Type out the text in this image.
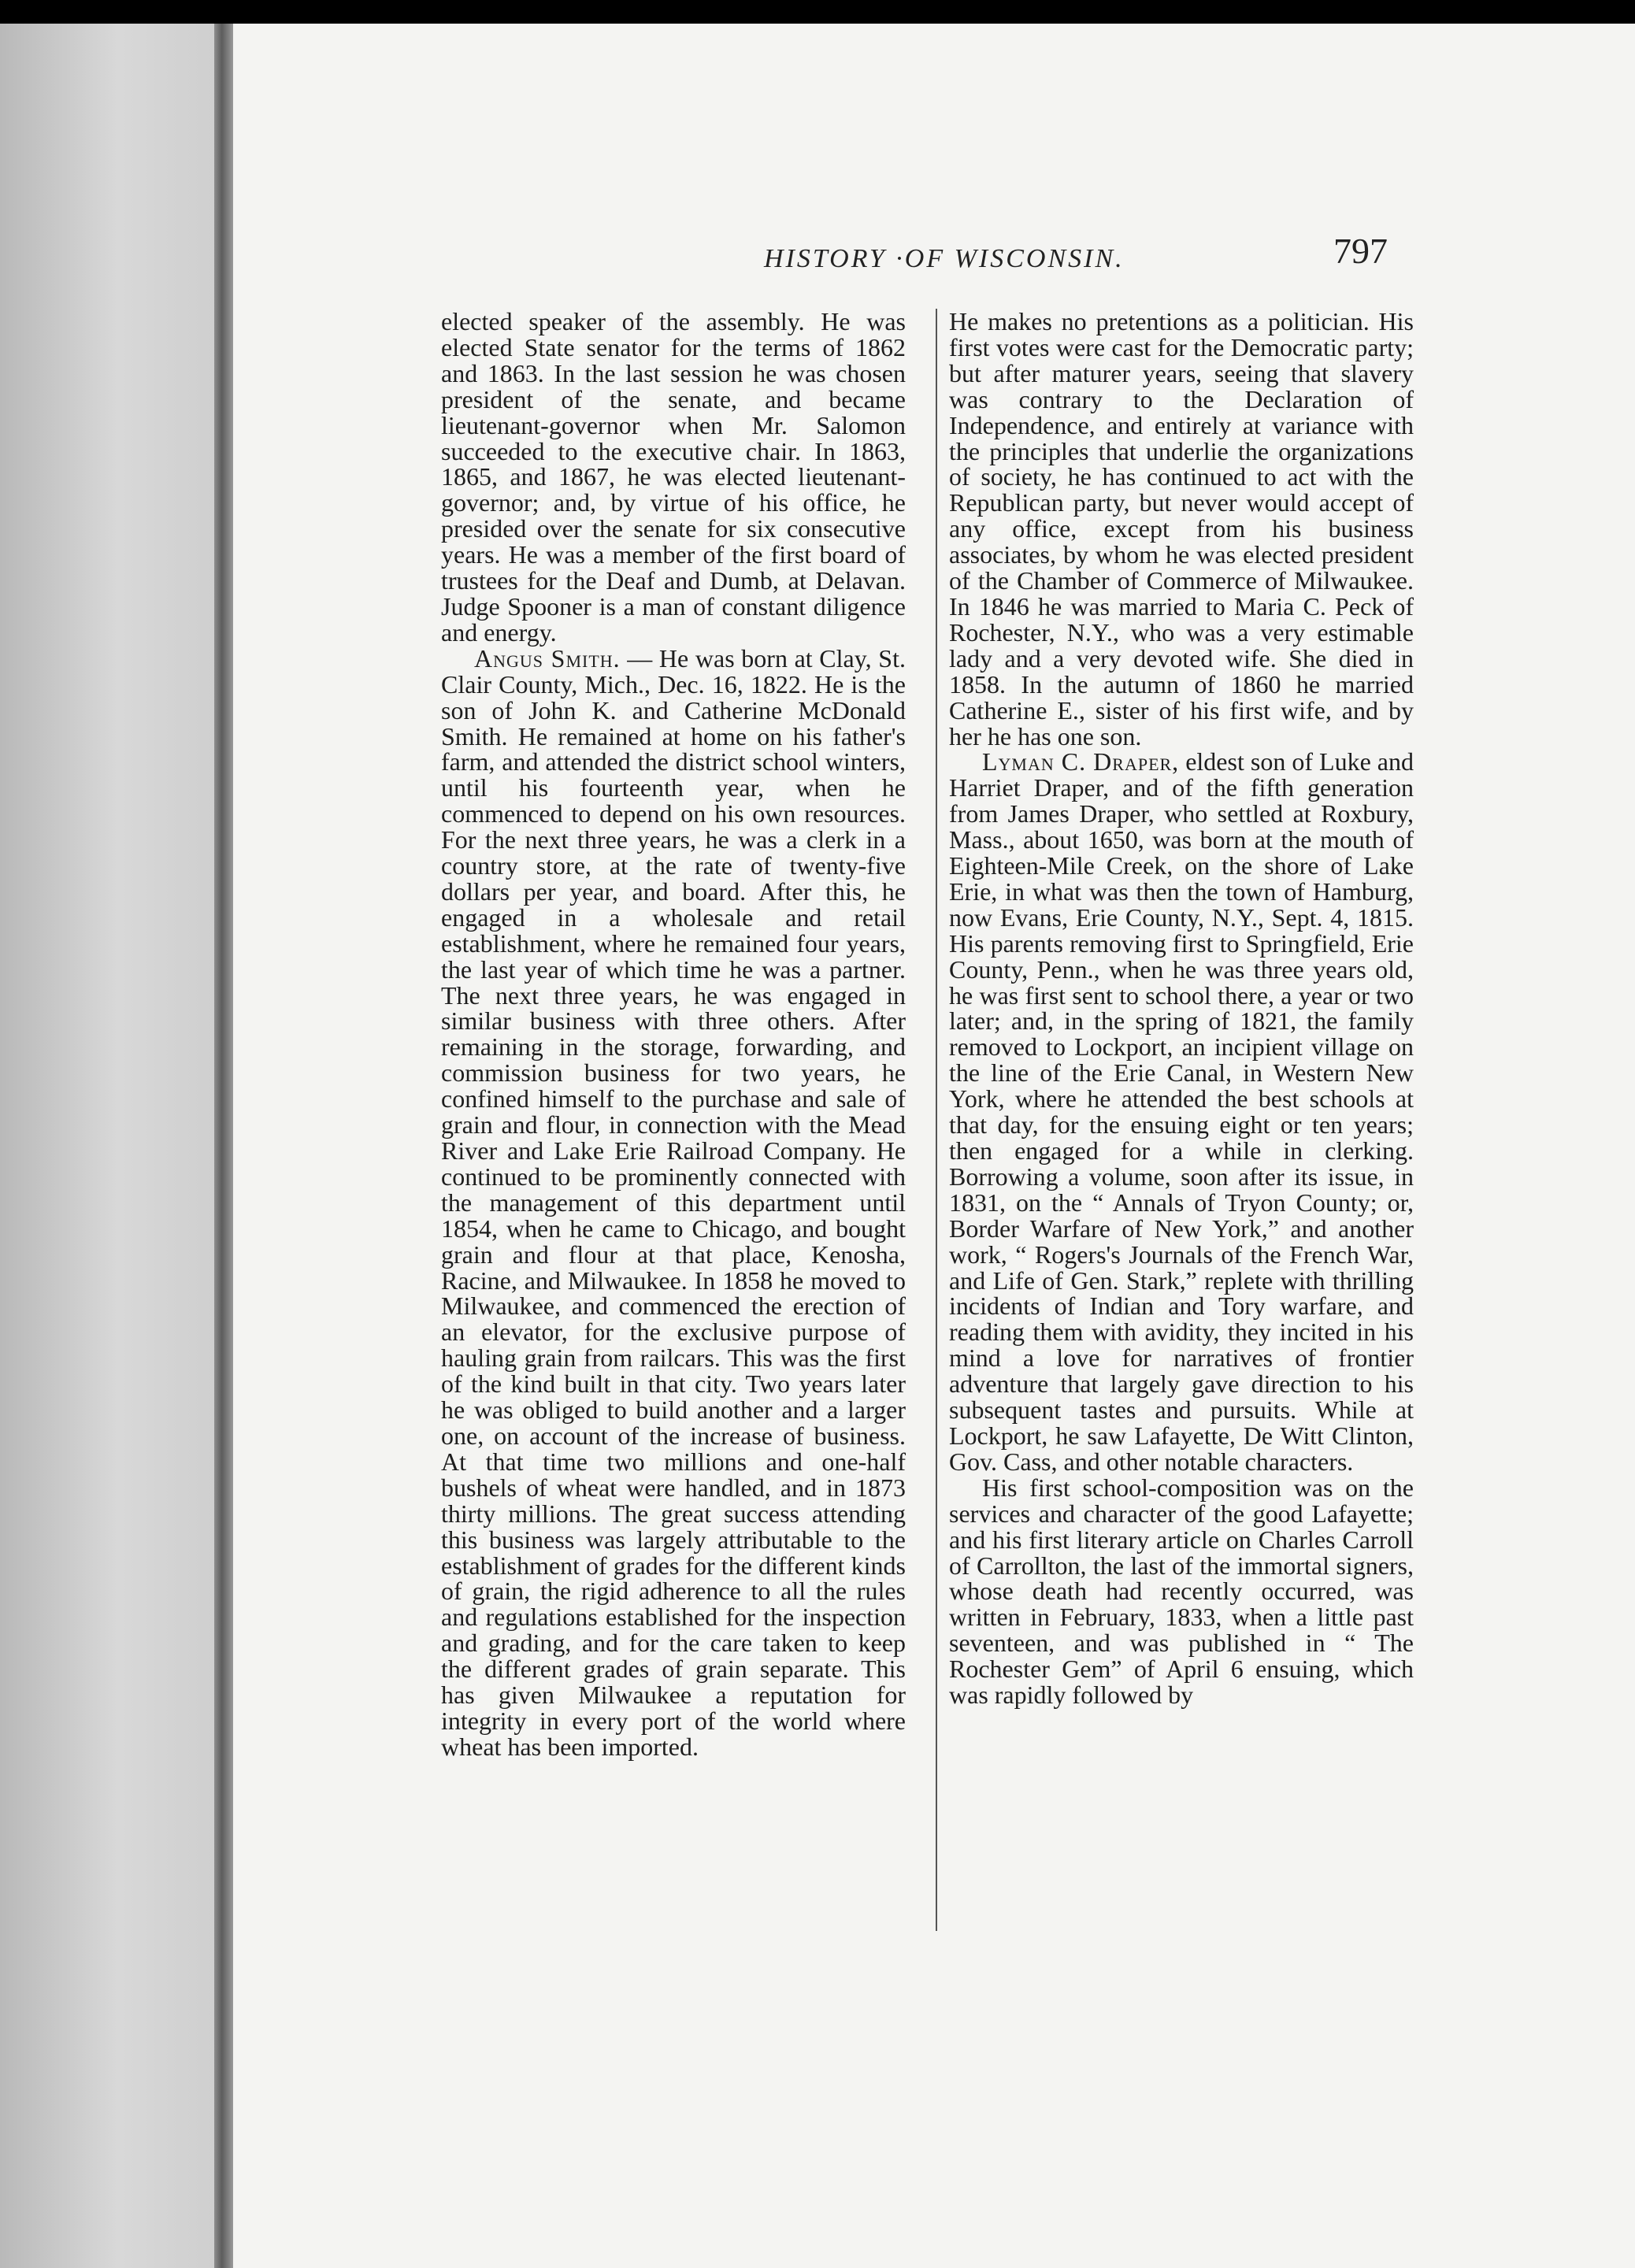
HISTORY ·OF WISCONSIN.	797

elected speaker of the assembly. He was elected State senator for the terms of 1862 and 1863. In the last session he was chosen president of the senate, and became lieutenant-governor when Mr. Salomon succeeded to the executive chair. In 1863, 1865, and 1867, he was elected lieutenant-governor; and, by virtue of his office, he presided over the senate for six consecutive years. He was a member of the first board of trustees for the Deaf and Dumb, at Delavan. Judge Spooner is a man of constant diligence and energy.

Angus Smith. — He was born at Clay, St. Clair County, Mich., Dec. 16, 1822. He is the son of John K. and Catherine McDonald Smith. He remained at home on his father's farm, and attended the district school winters, until his fourteenth year, when he commenced to depend on his own resources. For the next three years, he was a clerk in a country store, at the rate of twenty-five dollars per year, and board. After this, he engaged in a wholesale and retail establishment, where he remained four years, the last year of which time he was a partner. The next three years, he was engaged in similar business with three others. After remaining in the storage, forwarding, and commission business for two years, he confined himself to the purchase and sale of grain and flour, in connection with the Mead River and Lake Erie Railroad Company. He continued to be prominently connected with the management of this department until 1854, when he came to Chicago, and bought grain and flour at that place, Kenosha, Racine, and Milwaukee. In 1858 he moved to Milwaukee, and commenced the erection of an elevator, for the exclusive purpose of hauling grain from railcars. This was the first of the kind built in that city. Two years later he was obliged to build another and a larger one, on account of the increase of business. At that time two millions and one-half bushels of wheat were handled, and in 1873 thirty millions. The great success attending this business was largely attributable to the establishment of grades for the different kinds of grain, the rigid adherence to all the rules and regulations established for the inspection and grading, and for the care taken to keep the different grades of grain separate. This has given Milwaukee a reputation for integrity in every port of the world where wheat has been imported.

He makes no pretentions as a politician. His first votes were cast for the Democratic party; but after maturer years, seeing that slavery was contrary to the Declaration of Independence, and entirely at variance with the principles that underlie the organizations of society, he has continued to act with the Republican party, but never would accept of any office, except from his business associates, by whom he was elected president of the Chamber of Commerce of Milwaukee. In 1846 he was married to Maria C. Peck of Rochester, N.Y., who was a very estimable lady and a very devoted wife. She died in 1858. In the autumn of 1860 he married Catherine E., sister of his first wife, and by her he has one son.

Lyman C. Draper, eldest son of Luke and Harriet Draper, and of the fifth generation from James Draper, who settled at Roxbury, Mass., about 1650, was born at the mouth of Eighteen-Mile Creek, on the shore of Lake Erie, in what was then the town of Hamburg, now Evans, Erie County, N.Y., Sept. 4, 1815. His parents removing first to Springfield, Erie County, Penn., when he was three years old, he was first sent to school there, a year or two later; and, in the spring of 1821, the family removed to Lockport, an incipient village on the line of the Erie Canal, in Western New York, where he attended the best schools at that day, for the ensuing eight or ten years; then engaged for a while in clerking. Borrowing a volume, soon after its issue, in 1831, on the “ Annals of Tryon County; or, Border Warfare of New York,” and another work, “ Rogers's Journals of the French War, and Life of Gen. Stark,” replete with thrilling incidents of Indian and Tory warfare, and reading them with avidity, they incited in his mind a love for narratives of frontier adventure that largely gave direction to his subsequent tastes and pursuits. While at Lockport, he saw Lafayette, De Witt Clinton, Gov. Cass, and other notable characters.

His first school-composition was on the services and character of the good Lafayette; and his first literary article on Charles Carroll of Carrollton, the last of the immortal signers, whose death had recently occurred, was written in February, 1833, when a little past seventeen, and was published in “ The Rochester Gem” of April 6 ensuing, which was rapidly followed by
